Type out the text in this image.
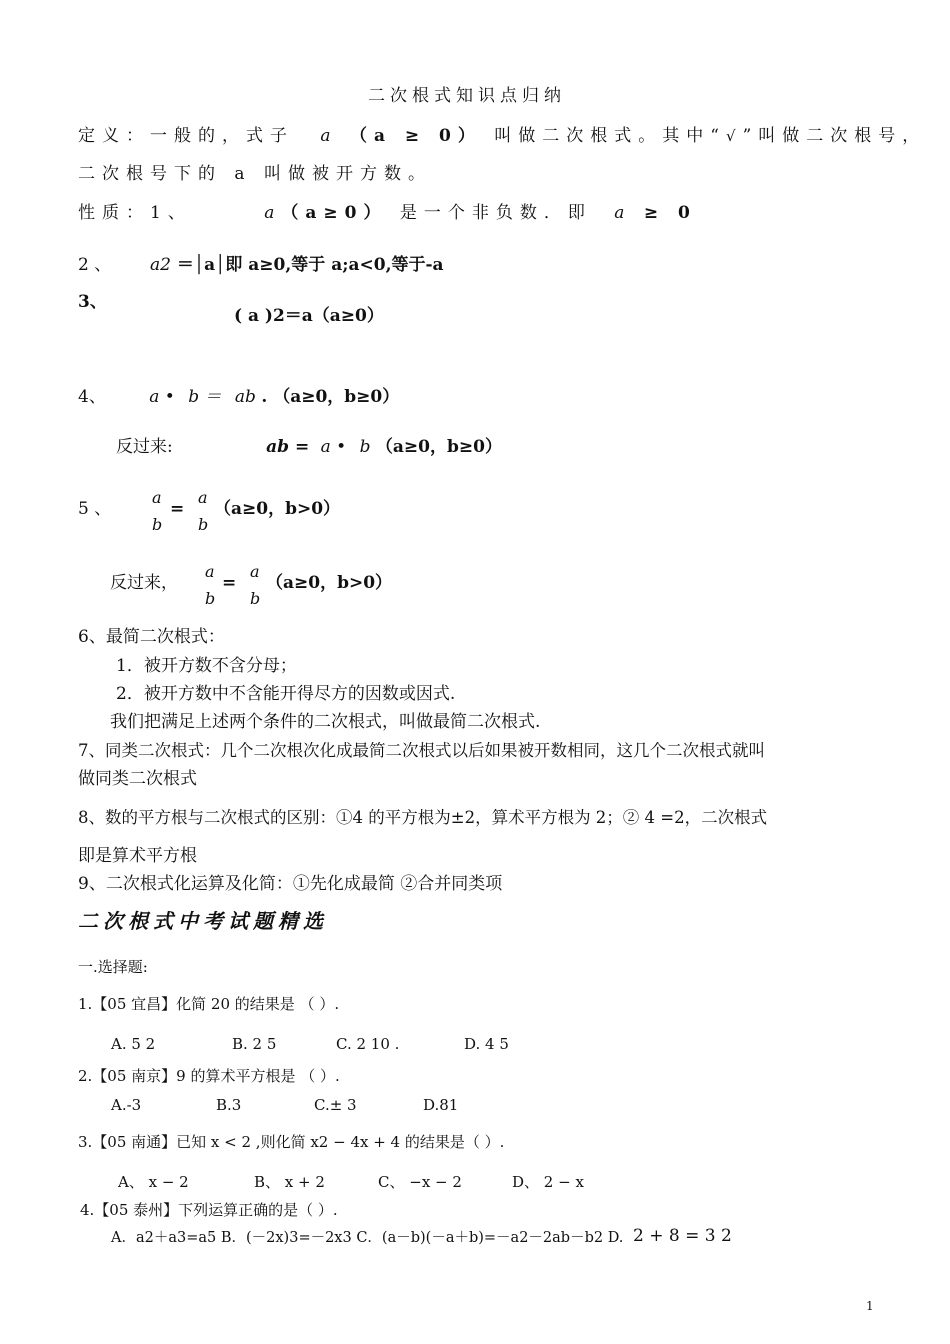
二次根式知识点归纳
定义：一般的，式子 a （a ≥ 0） 叫做二次根式。其中“√”叫做二次根号，
二次根号下的 a 叫做被开方数。
性质：1、	a（a≥0） 是一个非负数．即 a ≥ 0
2 、 a2 ＝│a│即 a≥0,等于 a;a<0,等于-a
3、
( a )2＝a（a≥0）
4、	a • b ＝ ab . （a≥0，b≥0）
反过来:	ab = a • b （a≥0，b≥0）
5 、
a
b
=
a
b
（a≥0，b>0）
反过来，
a
b
=
a
b
（a≥0，b>0）
6、最简二次根式：
1．被开方数不含分母；
2．被开方数中不含能开得尽方的因数或因式.
我们把满足上述两个条件的二次根式，叫做最简二次根式.
7、同类二次根式：几个二次根次化成最简二次根式以后如果被开数相同，这几个二次根式就叫
做同类二次根式
8、数的平方根与二次根式的区别：①4 的平方根为±2，算术平方根为 2；② 4 =2，二次根式
即是算术平方根
9、二次根式化运算及化简：①先化成最简 ②合并同类项
二次根式中考试题精选
一.选择题:
1.【05 宜昌】化简 20 的结果是 （ ）.
A. 5 2	B. 2 5	C. 2 10 .	D. 4 5
2.【05 南京】9 的算术平方根是 （ ）.
A.-3	B.3	C.± 3	D.81
3.【05 南通】已知 x < 2 ,则化简 x2 − 4x + 4 的结果是（ ）.
A、 x − 2	B、 x + 2	C、 −x − 2	D、 2 − x
4.【05 泰州】下列运算正确的是（ ）.
A．a2＋a3=a5 B．(－2x)3=－2x3 C．(a－b)(－a＋b)=－a2－2ab－b2 D. 2 + 8 = 3 2
1
